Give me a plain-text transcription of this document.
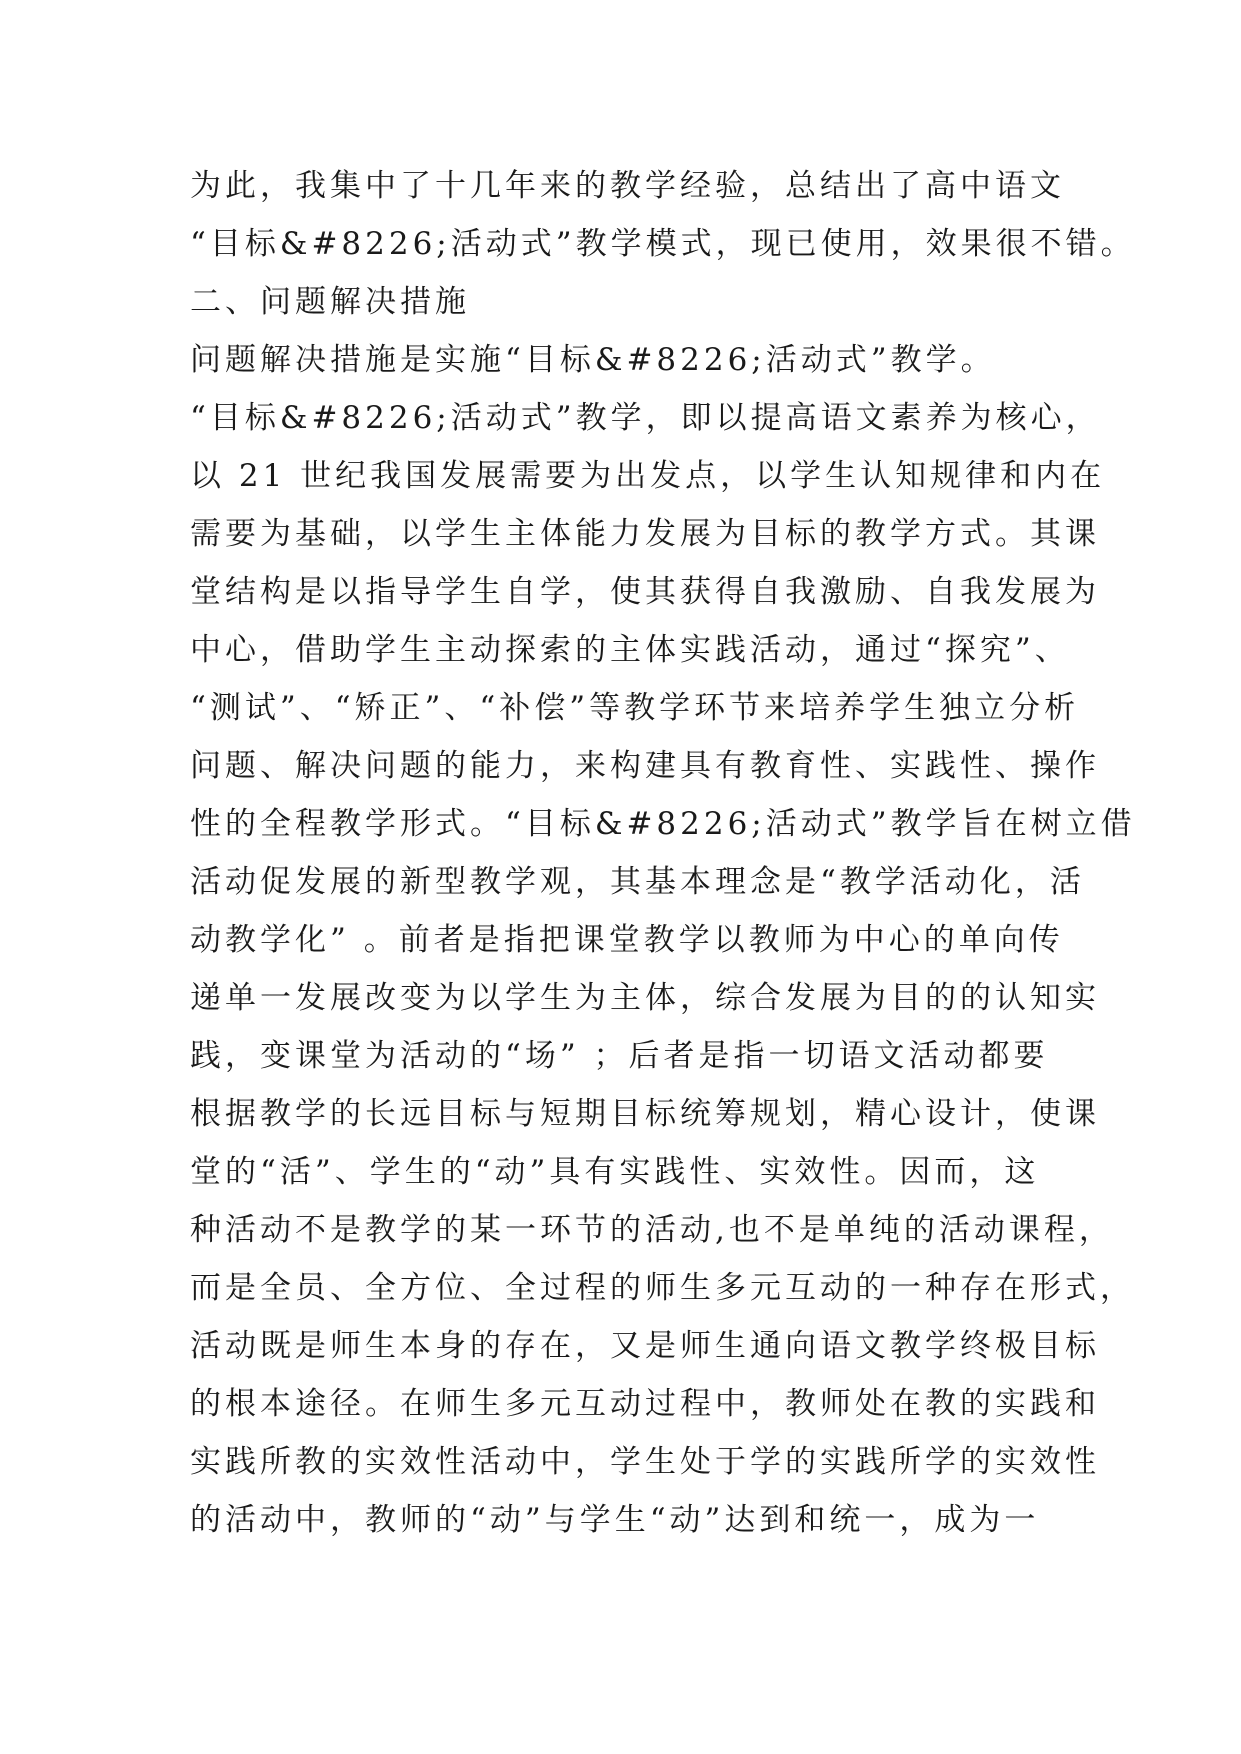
为此，我集中了十几年来的教学经验，总结出了高中语文
“目标&#8226;活动式”教学模式，现已使用，效果很不错。
二、问题解决措施
问题解决措施是实施“目标&#8226;活动式”教学。
“目标&#8226;活动式”教学，即以提高语文素养为核心，
以 21 世纪我国发展需要为出发点，以学生认知规律和内在
需要为基础，以学生主体能力发展为目标的教学方式。其课
堂结构是以指导学生自学，使其获得自我激励、自我发展为
中心，借助学生主动探索的主体实践活动，通过“探究”、
“测试”、“矫正”、“补偿”等教学环节来培养学生独立分析
问题、解决问题的能力，来构建具有教育性、实践性、操作
性的全程教学形式。“目标&#8226;活动式”教学旨在树立借
活动促发展的新型教学观，其基本理念是“教学活动化，活
动教学化” 。前者是指把课堂教学以教师为中心的单向传
递单一发展改变为以学生为主体，综合发展为目的的认知实
践，变课堂为活动的“场” ；后者是指一切语文活动都要
根据教学的长远目标与短期目标统筹规划，精心设计，使课
堂的“活”、学生的“动”具有实践性、实效性。因而，这
种活动不是教学的某一环节的活动,也不是单纯的活动课程，
而是全员、全方位、全过程的师生多元互动的一种存在形式，
活动既是师生本身的存在，又是师生通向语文教学终极目标
的根本途径。在师生多元互动过程中，教师处在教的实践和
实践所教的实效性活动中，学生处于学的实践所学的实效性
的活动中，教师的“动”与学生“动”达到和统一，成为一
